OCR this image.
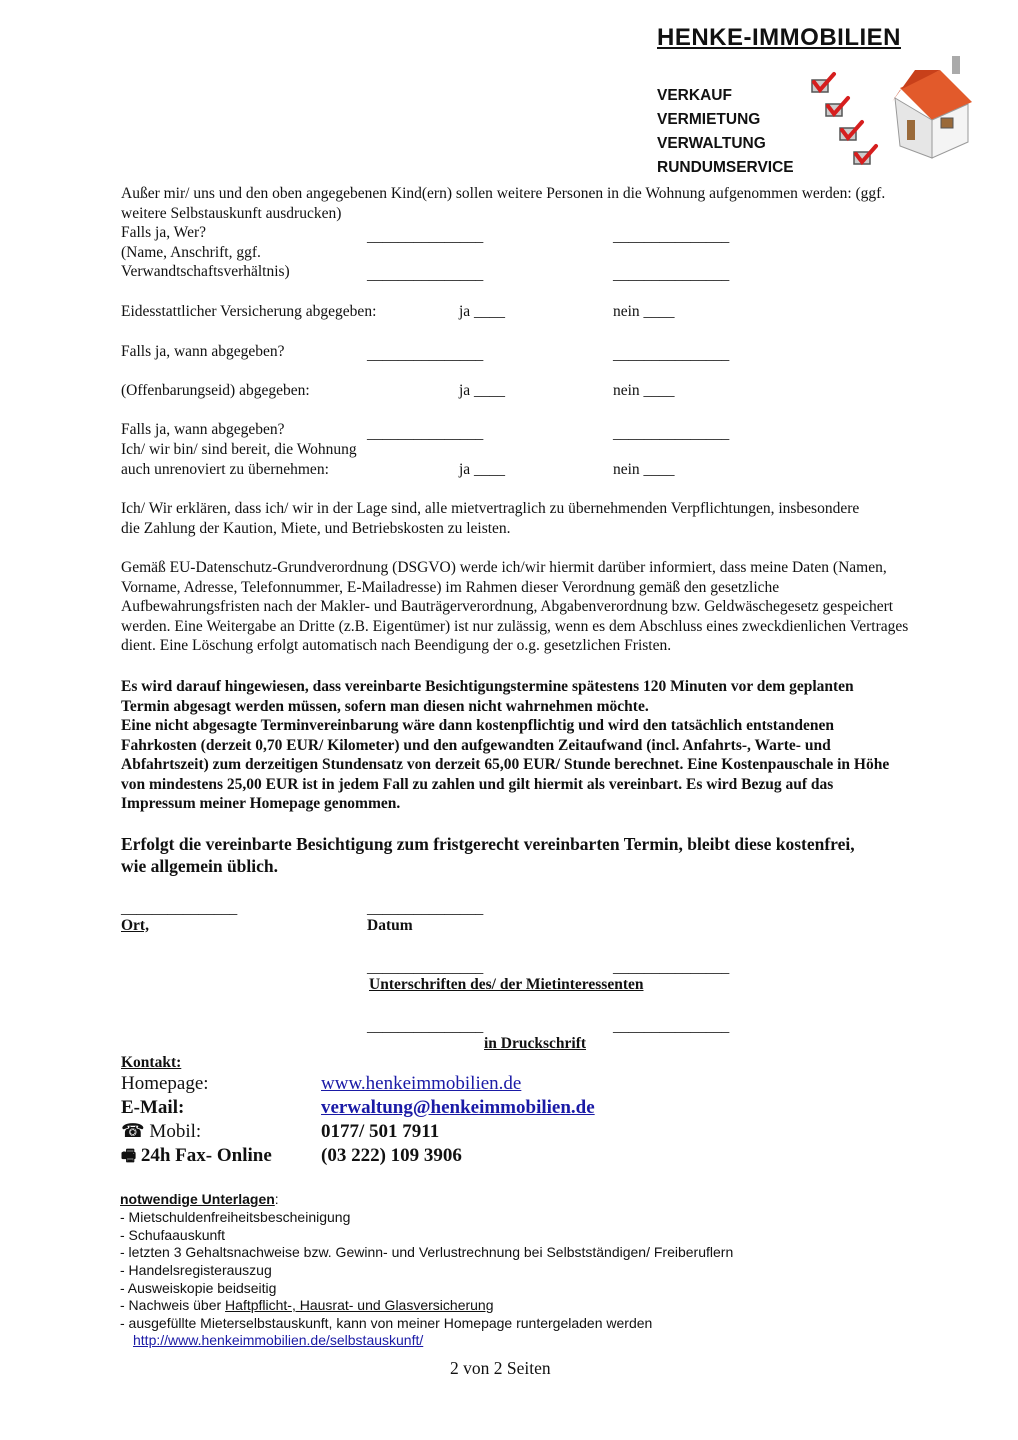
HENKE-IMMOBILIEN
VERKAUF
VERMIETUNG
VERWALTUNG
RUNDUMSERVICE
Außer mir/ uns und den oben angegebenen Kind(ern) sollen weitere Personen in die Wohnung aufgenommen werden: (ggf. weitere Selbstauskunft ausdrucken)
Falls ja, Wer?
(Name, Anschrift, ggf.
Verwandtschaftsverhältnis)
_______________	_______________
_______________	_______________
Eidesstattlicher Versicherung abgegeben:	ja ____	nein ____
Falls ja, wann abgegeben?	_______________	_______________
(Offenbarungseid) abgegeben:	ja ____	nein ____
Falls ja, wann abgegeben?	_______________	_______________
Ich/ wir bin/ sind bereit, die Wohnung
auch unrenoviert zu übernehmen:	ja ____	nein ____
Ich/ Wir erklären, dass ich/ wir in der Lage sind, alle mietvertraglich zu übernehmenden Verpflichtungen, insbesondere die Zahlung der Kaution, Miete, und Betriebskosten zu leisten.
Gemäß EU-Datenschutz-Grundverordnung (DSGVO) werde ich/wir hiermit darüber informiert, dass meine Daten (Namen, Vorname, Adresse, Telefonnummer, E-Mailadresse) im Rahmen dieser Verordnung gemäß den gesetzliche Aufbewahrungsfristen nach der Makler- und Bauträgerverordnung, Abgabenverordnung bzw. Geldwäschegesetz gespeichert werden. Eine Weitergabe an Dritte (z.B. Eigentümer) ist nur zulässig, wenn es dem Abschluss eines zweckdienlichen Vertrages dient. Eine Löschung erfolgt automatisch nach Beendigung der o.g. gesetzlichen Fristen.
Es wird darauf hingewiesen, dass vereinbarte Besichtigungstermine spätestens 120 Minuten vor dem geplanten Termin abgesagt werden müssen, sofern man diesen nicht wahrnehmen möchte.
Eine nicht abgesagte Terminvereinbarung wäre dann kostenpflichtig und wird den tatsächlich entstandenen Fahrkosten (derzeit 0,70 EUR/ Kilometer) und den aufgewandten Zeitaufwand (incl. Anfahrts-, Warte- und Abfahrtszeit) zum derzeitigen Stundensatz von derzeit 65,00 EUR/ Stunde berechnet. Eine Kostenpauschale in Höhe von mindestens 25,00 EUR ist in jedem Fall zu zahlen und gilt hiermit als vereinbart. Es wird Bezug auf das Impressum meiner Homepage genommen.
Erfolgt die vereinbarte Besichtigung zum fristgerecht vereinbarten Termin, bleibt diese kostenfrei, wie allgemein üblich.
_______________	_______________
Ort,	Datum
_______________	_______________
Unterschriften des/ der Mietinteressenten
_______________	_______________
in Druckschrift
Kontakt:
Homepage:	www.henkeimmobilien.de
E-Mail:	verwaltung@henkeimmobilien.de
☎ Mobil:	0177/ 501 7911
🖷 24h Fax- Online	(03 222) 109 3906
notwendige Unterlagen:
- Mietschuldenfreiheitsbescheinigung
- Schufaauskunft
- letzten 3 Gehaltsnachweise bzw. Gewinn- und Verlustrechnung bei Selbstständigen/ Freiberuflern
- Handelsregisterauszug
- Ausweiskopie beidseitig
- Nachweis über Haftpflicht-, Hausrat- und Glasversicherung
- ausgefüllte Mieterselbstauskunft, kann von meiner Homepage runtergeladen werden
http://www.henkeimmobilien.de/selbstauskunft/
2 von 2 Seiten
